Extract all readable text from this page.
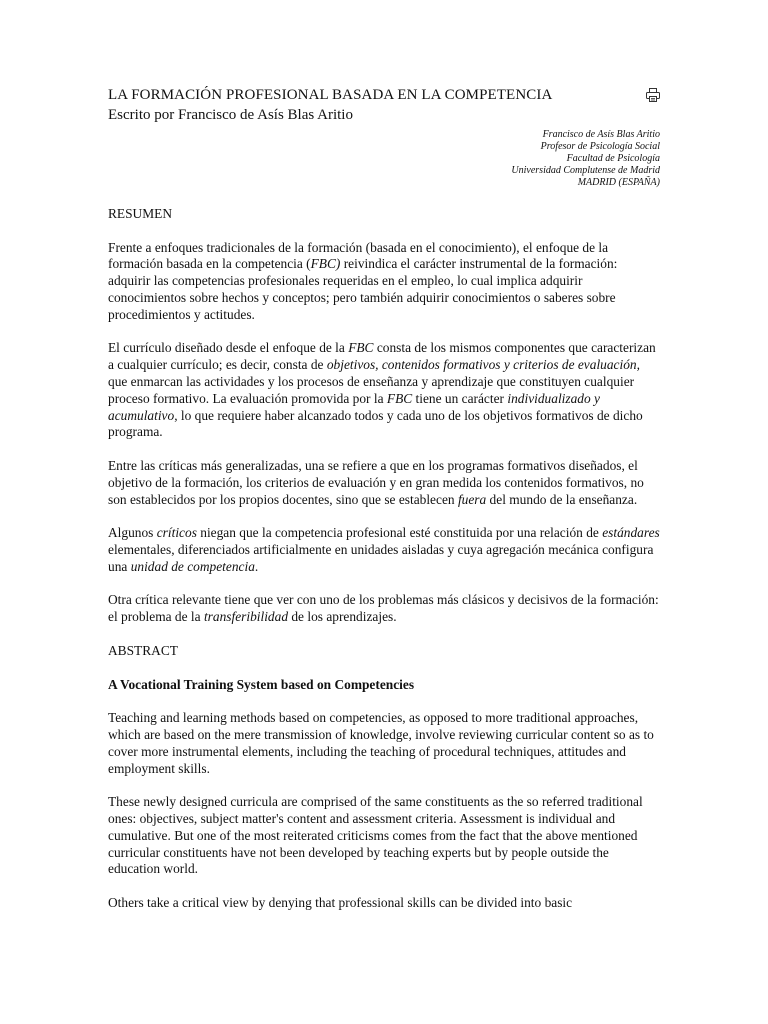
LA FORMACIÓN PROFESIONAL BASADA EN LA COMPETENCIA
Escrito por Francisco de Asís Blas Aritio
Francisco de Asís Blas Aritio
Profesor de Psicología Social
Facultad de Psicología
Universidad Complutense de Madrid
MADRID (ESPAÑA)
RESUMEN

Frente a enfoques tradicionales de la formación (basada en el conocimiento), el enfoque de la formación basada en la competencia (FBC) reivindica el carácter instrumental de la formación: adquirir las competencias profesionales requeridas en el empleo, lo cual implica adquirir conocimientos sobre hechos y conceptos; pero también adquirir conocimientos o saberes sobre procedimientos y actitudes.

El currículo diseñado desde el enfoque de la FBC consta de los mismos componentes que caracterizan a cualquier currículo; es decir, consta de objetivos, contenidos formativos y criterios de evaluación, que enmarcan las actividades y los procesos de enseñanza y aprendizaje que constituyen cualquier proceso formativo. La evaluación promovida por la FBC tiene un carácter individualizado y acumulativo, lo que requiere haber alcanzado todos y cada uno de los objetivos formativos de dicho programa.

Entre las críticas más generalizadas, una se refiere a que en los programas formativos diseñados, el objetivo de la formación, los criterios de evaluación y en gran medida los contenidos formativos, no son establecidos por los propios docentes, sino que se establecen fuera del mundo de la enseñanza.

Algunos críticos niegan que la competencia profesional esté constituida por una relación de estándares elementales, diferenciados artificialmente en unidades aisladas y cuya agregación mecánica configura una unidad de competencia.

Otra crítica relevante tiene que ver con uno de los problemas más clásicos y decisivos de la formación: el problema de la transferibilidad de los aprendizajes.

ABSTRACT
A Vocational Training System based on Competencies

Teaching and learning methods based on competencies, as opposed to more traditional approaches, which are based on the mere transmission of knowledge, involve reviewing curricular content so as to cover more instrumental elements, including the teaching of procedural techniques, attitudes and employment skills.

These newly designed curricula are comprised of the same constituents as the so referred traditional ones: objectives, subject matter's content and assessment criteria. Assessment is individual and cumulative. But one of the most reiterated criticisms comes from the fact that the above mentioned curricular constituents have not been developed by teaching experts but by people outside the education world.

Others take a critical view by denying that professional skills can be divided into basic
